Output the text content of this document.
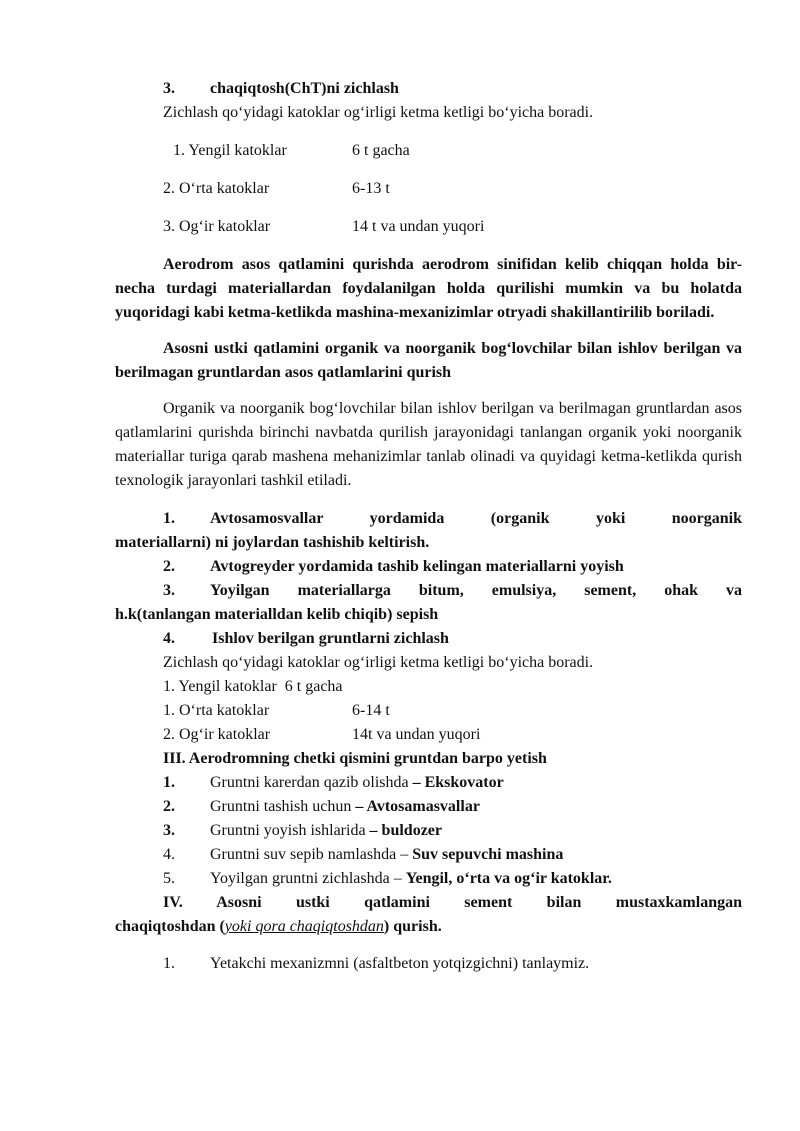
3. chaqiqtosh(ChT)ni zichlash
Zichlash qo‘yidagi katoklar og‘irligi ketma ketligi bo‘yicha boradi.
1. Yengil katoklar	6 t gacha
2. O‘rta katoklar	6-13 t
3. Og‘ir katoklar	14 t va undan yuqori
Aerodrom asos qatlamini qurishda aerodrom sinifidan kelib chiqqan holda bir-necha turdagi materiallardan foydalanilgan holda qurilishi mumkin va bu holatda yuqoridagi kabi ketma-ketlikda mashina-mexanizimlar otryadi shakillantirilib boriladi.
Asosni ustki qatlamini organik va noorganik bog‘lovchilar bilan ishlov berilgan va berilmagan gruntlardan asos qatlamlarini qurish
Organik va noorganik bog‘lovchilar bilan ishlov berilgan va berilmagan gruntlardan asos qatlamlarini qurishda birinchi navbatda qurilish jarayonidagi tanlangan organik yoki noorganik materiallar turiga qarab mashena mehanizimlar tanlab olinadi va quyidagi ketma-ketlikda qurish texnologik jarayonlari tashkil etiladi.
1. Avtosamosvallar yordamida (organik yoki noorganik
materiallarni) ni joylardan tashishib keltirish.
2. Avtogreyder yordamida tashib kelingan materiallarni yoyish
3. Yoyilgan materiallarga bitum, emulsiya, sement, ohak va
h.k(tanlangan materialldan kelib chiqib) sepish
4. Ishlov berilgan gruntlarni zichlash
Zichlash qo‘yidagi katoklar og‘irligi ketma ketligi bo‘yicha boradi.
1. Yengil katoklar 6 t gacha
1. O‘rta katoklar	6-14 t
2. Og‘ir katoklar	14t va undan yuqori
III. Aerodromning chetki qismini gruntdan barpo yetish
1. Gruntni karerdan qazib olishda – Ekskovator
2. Gruntni tashish uchun – Avtosamasvallar
3. Gruntni yoyish ishlarida – buldozer
4. Gruntni suv sepib namlashda – Suv sepuvchi mashina
5. Yoyilgan gruntni zichlashda – Yengil, o‘rta va og‘ir katoklar.
IV. Asosni ustki qatlamini sement bilan mustaxkamlangan
chaqiqtoshdan (yoki qora chaqiqtoshdan) qurish.
1. Yetakchi mexanizmni (asfaltbeton yotqizgichni) tanlaymiz.
